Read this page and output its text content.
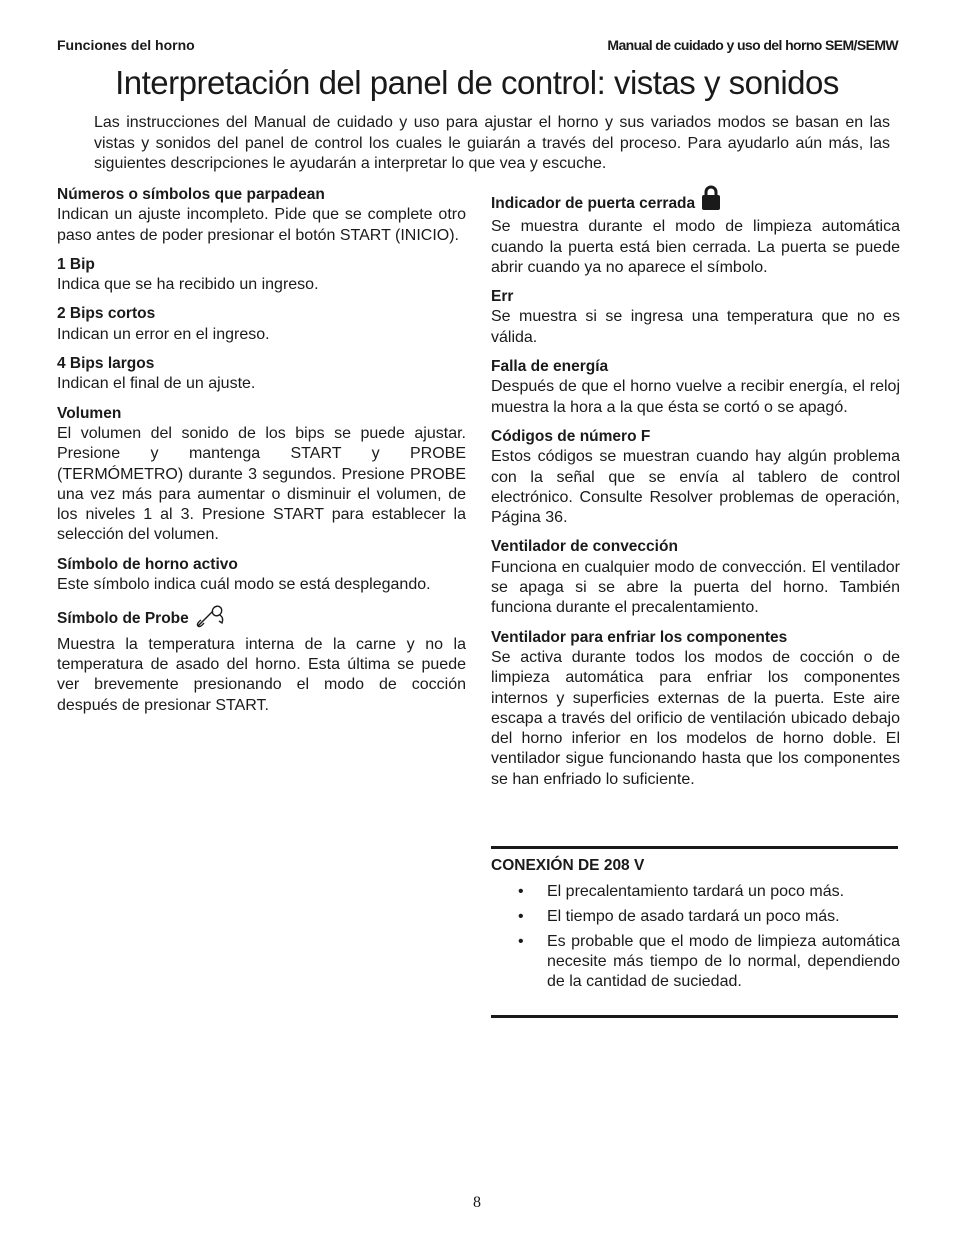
Funciones del horno	Manual de cuidado y uso del horno SEM/SEMW
Interpretación del panel de control: vistas y sonidos

Las instrucciones del Manual de cuidado y uso para ajustar el horno y sus variados modos se basan en las vistas y sonidos del panel de control los cuales le guiarán a través del proceso. Para ayudarlo aún más, las siguientes descripciones le ayudarán a interpretar lo que vea y escuche.

Números o símbolos que parpadean
Indican un ajuste incompleto. Pide que se complete otro paso antes de poder presionar el botón START (INICIO).
1 Bip
Indica que se ha recibido un ingreso.
2 Bips cortos
Indican un error en el ingreso.
4 Bips largos
Indican el final de un ajuste.
Volumen
El volumen del sonido de los bips se puede ajustar. Presione y mantenga START y PROBE (TERMÓMETRO) durante 3 segundos. Presione PROBE una vez más para aumentar o disminuir el volumen, de los niveles 1 al 3. Presione START para establecer la selección del volumen.
Símbolo de horno activo
Este símbolo indica cuál modo se está desplegando.
Símbolo de Probe
Muestra la temperatura interna de la carne y no la temperatura de asado del horno. Esta última se puede ver brevemente presionando el modo de cocción después de presionar START.
Indicador de puerta cerrada
Se muestra durante el modo de limpieza automática cuando la puerta está bien cerrada. La puerta se puede abrir cuando ya no aparece el símbolo.
Err
Se muestra si se ingresa una temperatura que no es válida.
Falla de energía
Después de que el horno vuelve a recibir energía, el reloj muestra la hora a la que ésta se cortó o se apagó.
Códigos de número F
Estos códigos se muestran cuando hay algún problema con la señal que se envía al tablero de control electrónico. Consulte Resolver problemas de operación, Página 36.
Ventilador de convección
Funciona en cualquier modo de convección. El ventilador se apaga si se abre la puerta del horno. También funciona durante el precalentamiento.
Ventilador para enfriar los componentes
Se activa durante todos los modos de cocción o de limpieza automática para enfriar los componentes internos y superficies externas de la puerta. Este aire escapa a través del orificio de ventilación ubicado debajo del horno inferior en los modelos de horno doble. El ventilador sigue funcionando hasta que los componentes se han enfriado lo suficiente.
CONEXIÓN DE 208 V
• El precalentamiento tardará un poco más.
• El tiempo de asado tardará un poco más.
• Es probable que el modo de limpieza automática necesite más tiempo de lo normal, dependiendo de la cantidad de suciedad.
8
